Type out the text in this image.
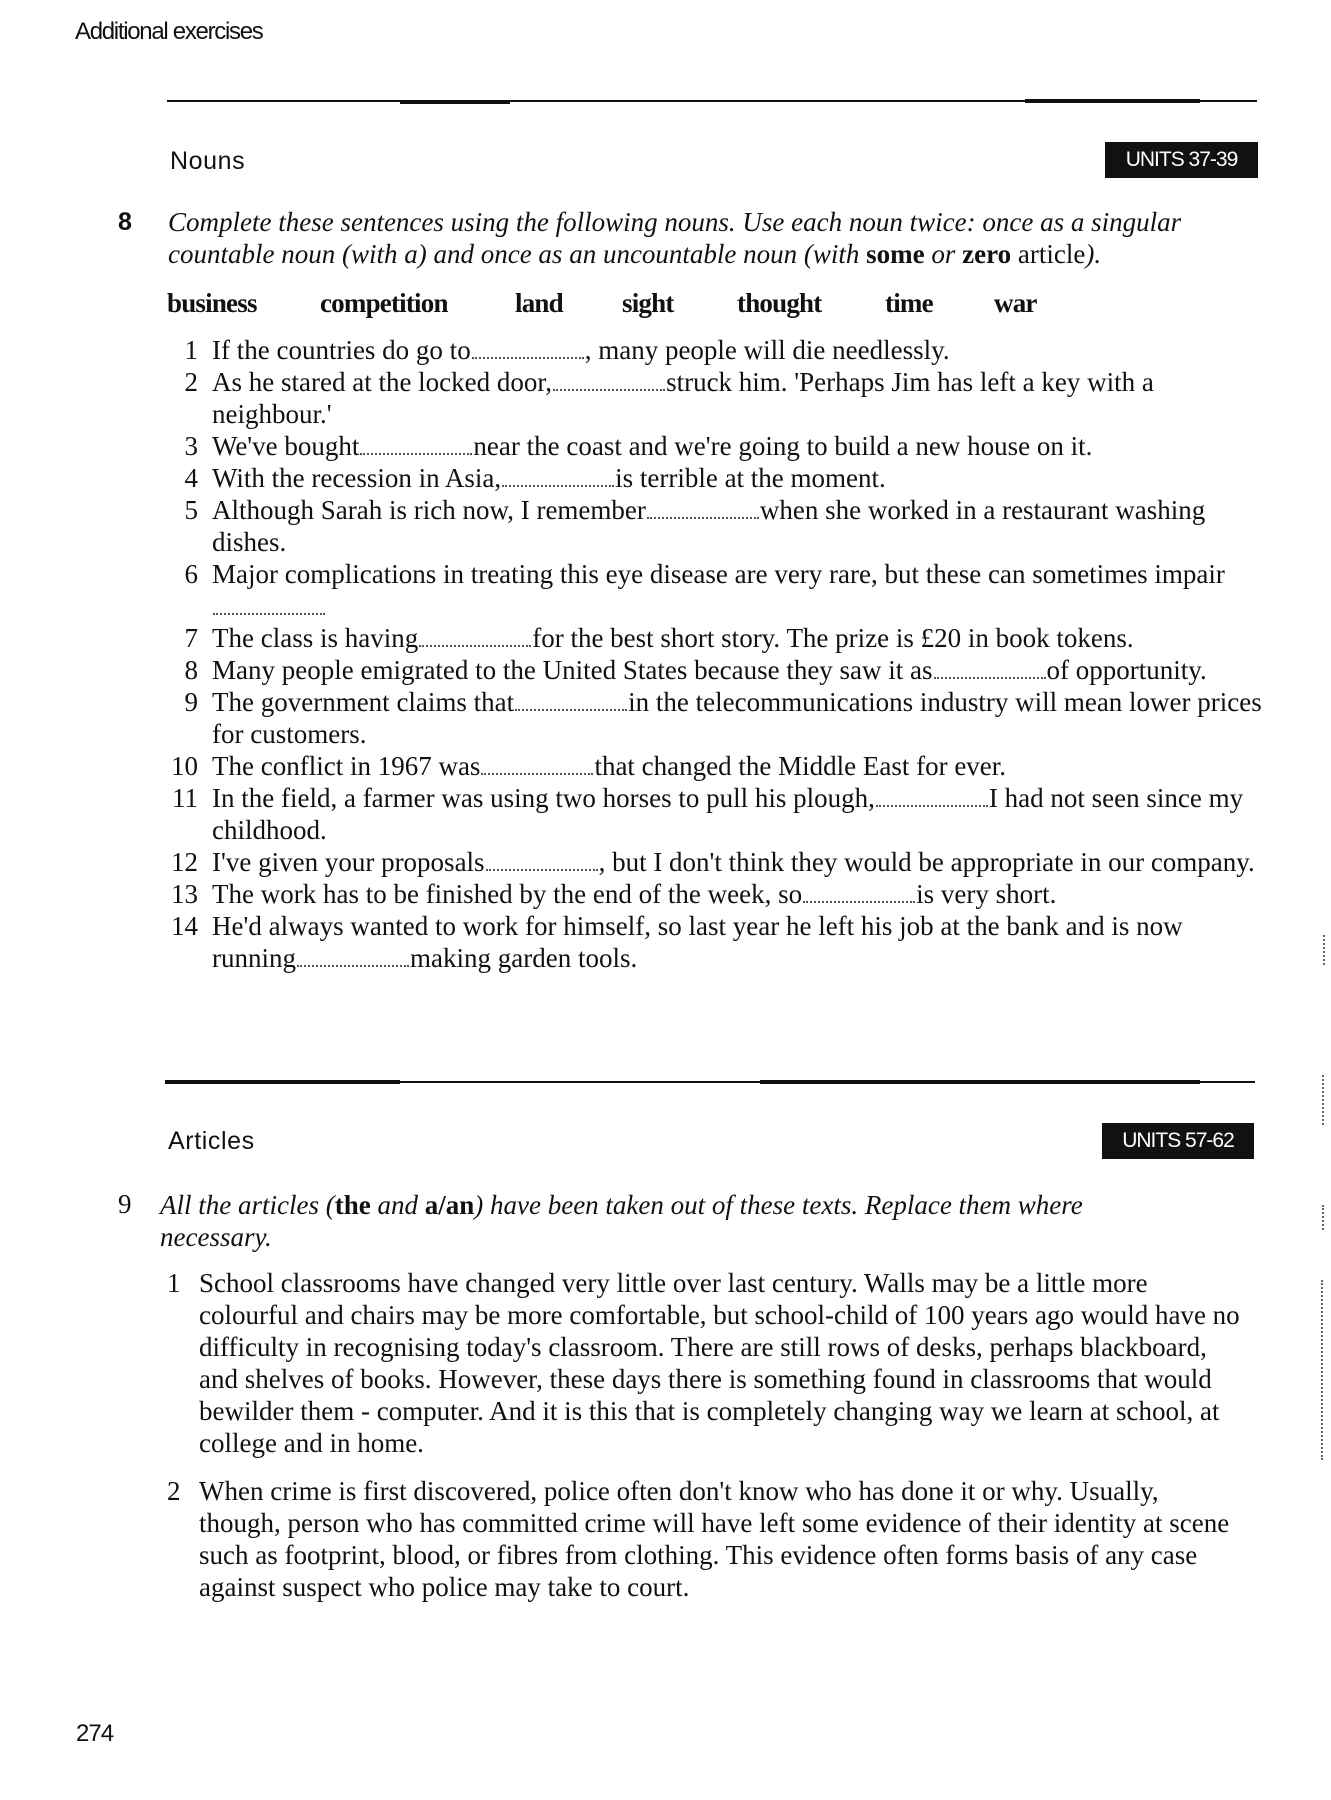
Additional exercises
Nouns	UNITS 37-39
8 Complete these sentences using the following nouns. Use each noun twice: once as a singular
countable noun (with a) and once as an uncountable noun (with some or zero article).
business competition land sight thought time war
1 If the countries do go to	, many people will die needlessly.
2 As he stared at the locked door,	struck him. 'Perhaps Jim has left a key with a neighbour.'
3 We've bought	near the coast and we're going to build a new house on it.
4 With the recession in Asia,	is terrible at the moment.
5 Although Sarah is rich now, I remember	when she worked in a restaurant washing dishes.
6 Major complications in treating this eye disease are very rare, but these can sometimes impair
7 The class is having	for the best short story. The prize is £20 in book tokens.
8 Many people emigrated to the United States because they saw it as	of opportunity.
9 The government claims that	in the telecommunications industry will mean lower prices for customers.
10 The conflict in 1967 was	that changed the Middle East for ever.
11 In the field, a farmer was using two horses to pull his plough,	I had not seen since my childhood.
12 I've given your proposals	, but I don't think they would be appropriate in our company.
13 The work has to be finished by the end of the week, so	is very short.
14 He'd always wanted to work for himself, so last year he left his job at the bank and is now running	making garden tools.
Articles	UNITS 57-62
9 All the articles (the and a/an) have been taken out of these texts. Replace them where necessary.
1 School classrooms have changed very little over last century. Walls may be a little more colourful and chairs may be more comfortable, but school-child of 100 years ago would have no difficulty in recognising today's classroom. There are still rows of desks, perhaps blackboard, and shelves of books. However, these days there is something found in classrooms that would bewilder them - computer. And it is this that is completely changing way we learn at school, at college and in home.
2 When crime is first discovered, police often don't know who has done it or why. Usually, though, person who has committed crime will have left some evidence of their identity at scene such as footprint, blood, or fibres from clothing. This evidence often forms basis of any case against suspect who police may take to court.
274
